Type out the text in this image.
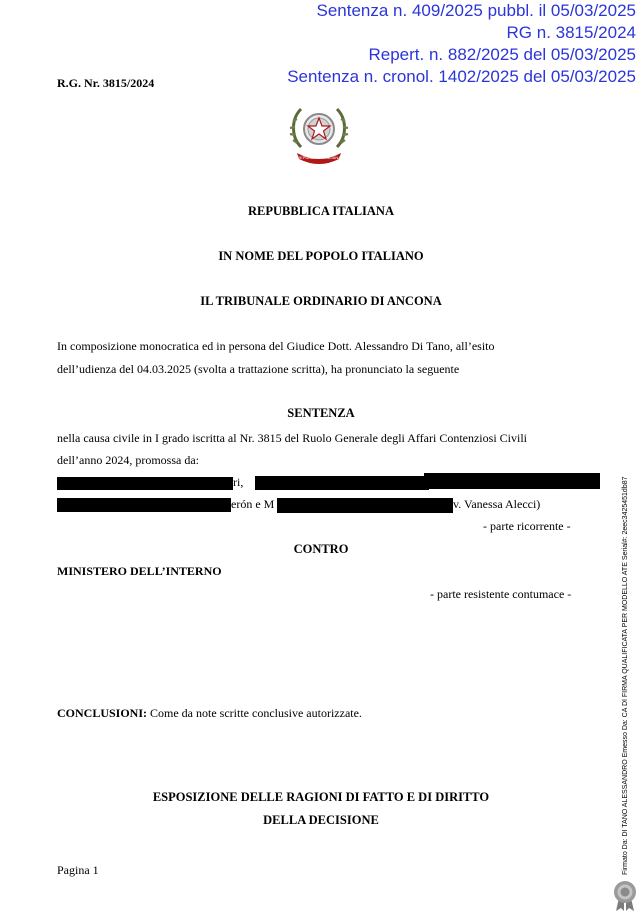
Sentenza n. 409/2025 pubbl. il 05/03/2025
RG n. 3815/2024
Repert. n. 882/2025 del 05/03/2025
Sentenza n. cronol. 1402/2025 del 05/03/2025
R.G. Nr. 3815/2024
REPUBBLICA ITALIANA
REPUBBLICA ITALIANA
IN NOME DEL POPOLO ITALIANO
IL TRIBUNALE ORDINARIO DI ANCONA
In composizione monocratica ed in persona del Giudice Dott. Alessandro Di Tano, all’esito
dell’udienza del 04.03.2025 (svolta a trattazione scritta), ha pronunciato la seguente
SENTENZA
nella causa civile in I grado iscritta al Nr. 3815 del Ruolo Generale degli Affari Contenziosi Civili
dell’anno 2024, promossa da:
ri,
erón e M	v. Vanessa Alecci)
- parte ricorrente -
CONTRO
MINISTERO DELL’INTERNO
- parte resistente contumace -
CONCLUSIONI: Come da note scritte conclusive autorizzate.
ESPOSIZIONE DELLE RAGIONI DI FATTO E DI DIRITTO
DELLA DECISIONE
Pagina 1	Firmato Da: DI TANO ALESSANDRO Emesso Da: CA DI FIRMA QUALIFICATA PER MODELLO ATE Serial#: 2eec3425451db87
